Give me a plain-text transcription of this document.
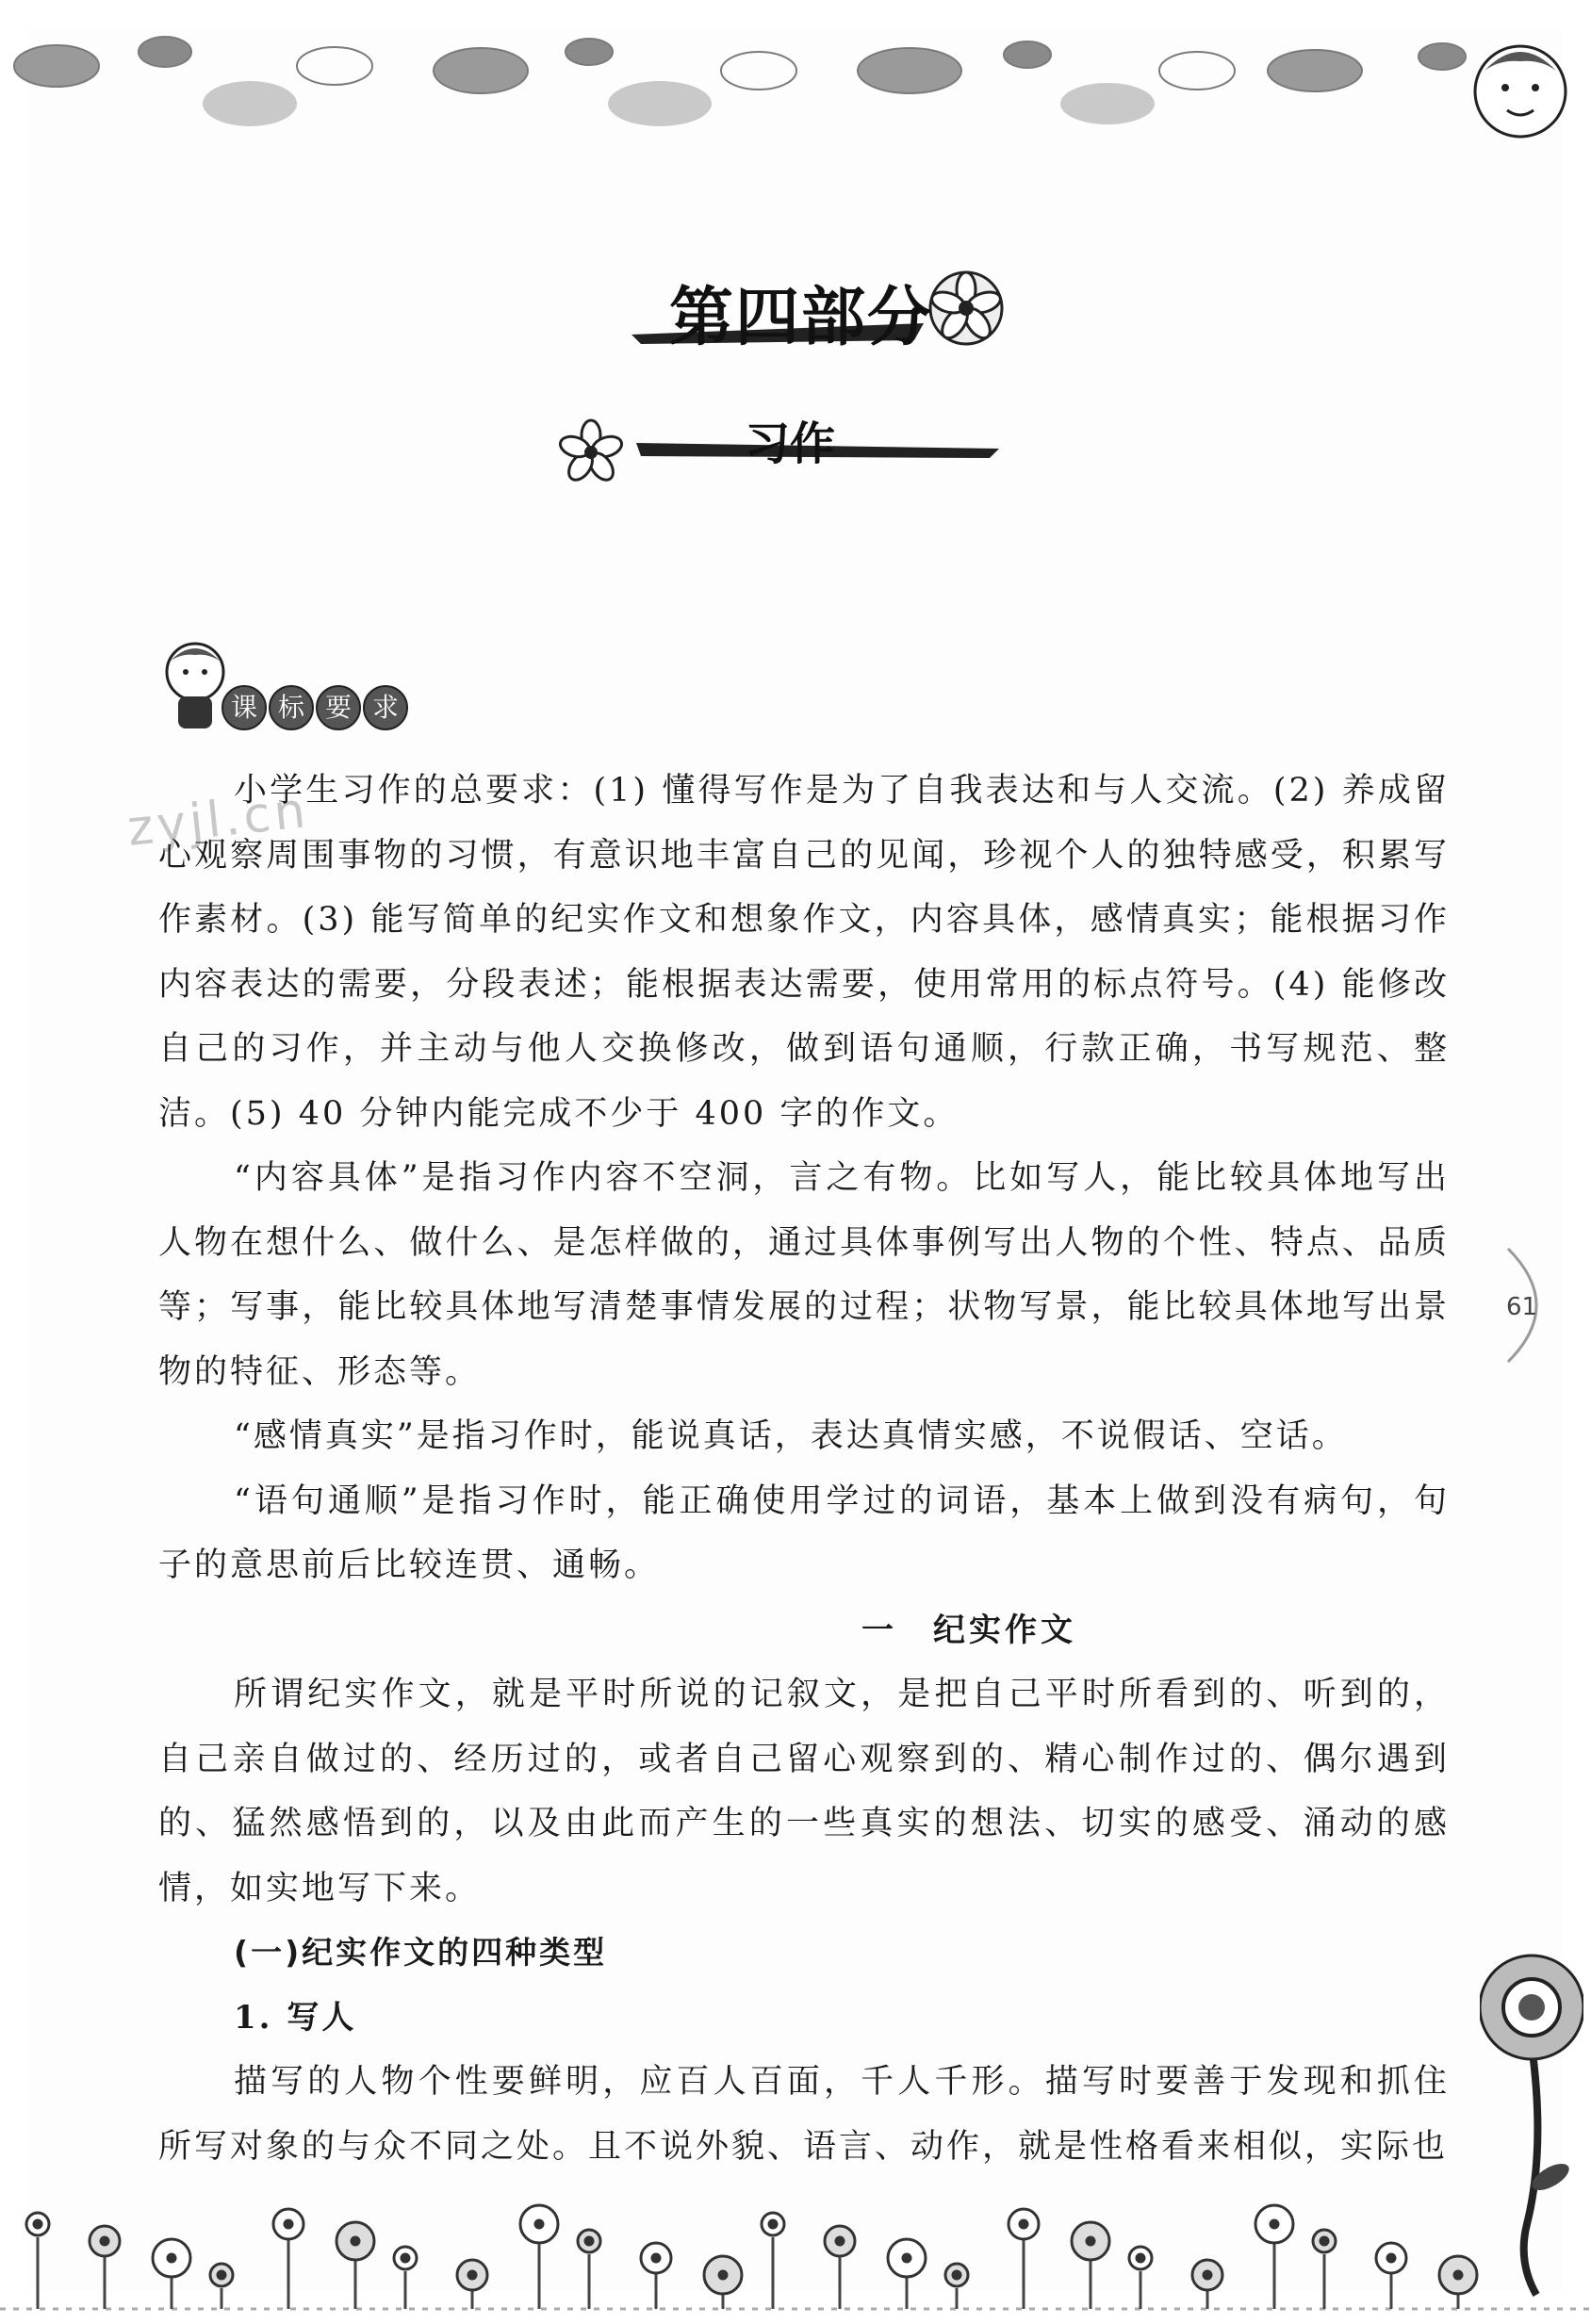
第四部分
习作
课 标 要 求
zyjl.cn

小学生习作的总要求：(1) 懂得写作是为了自我表达和与人交流。(2) 养成留心观察周围事物的习惯，有意识地丰富自己的见闻，珍视个人的独特感受，积累写作素材。(3) 能写简单的纪实作文和想象作文，内容具体，感情真实；能根据习作内容表达的需要，分段表述；能根据表达需要，使用常用的标点符号。(4) 能修改自己的习作，并主动与他人交换修改，做到语句通顺，行款正确，书写规范、整洁。(5) 40 分钟内能完成不少于 400 字的作文。

“内容具体”是指习作内容不空洞，言之有物。比如写人，能比较具体地写出人物在想什么、做什么、是怎样做的，通过具体事例写出人物的个性、特点、品质等；写事，能比较具体地写清楚事情发展的过程；状物写景，能比较具体地写出景物的特征、形态等。

“感情真实”是指习作时，能说真话，表达真情实感，不说假话、空话。

“语句通顺”是指习作时，能正确使用学过的词语，基本上做到没有病句，句子的意思前后比较连贯、通畅。

一　纪实作文

所谓纪实作文，就是平时所说的记叙文，是把自己平时所看到的、听到的，自己亲自做过的、经历过的，或者自己留心观察到的、精心制作过的、偶尔遇到的、猛然感悟到的，以及由此而产生的一些真实的想法、切实的感受、涌动的感情，如实地写下来。

(一)纪实作文的四种类型

1. 写人

描写的人物个性要鲜明，应百人百面，千人千形。描写时要善于发现和抓住所写对象的与众不同之处。且不说外貌、语言、动作，就是性格看来相似，实际也

61
